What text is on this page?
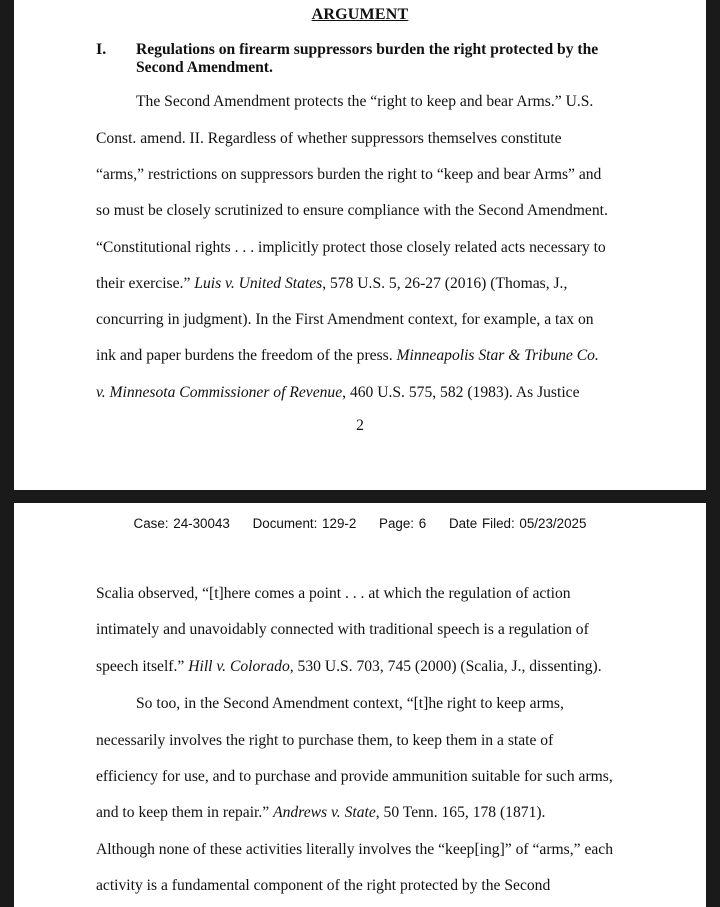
ARGUMENT
I. Regulations on firearm suppressors burden the right protected by the Second Amendment.
The Second Amendment protects the “right to keep and bear Arms.” U.S.
Const. amend. II. Regardless of whether suppressors themselves constitute
“arms,” restrictions on suppressors burden the right to “keep and bear Arms” and
so must be closely scrutinized to ensure compliance with the Second Amendment.
“Constitutional rights . . . implicitly protect those closely related acts necessary to
their exercise.” Luis v. United States, 578 U.S. 5, 26-27 (2016) (Thomas, J.,
concurring in judgment). In the First Amendment context, for example, a tax on
ink and paper burdens the freedom of the press. Minneapolis Star & Tribune Co.
v. Minnesota Commissioner of Revenue, 460 U.S. 575, 582 (1983). As Justice
2
Case: 24-30043 Document: 129-2 Page: 6 Date Filed: 05/23/2025
Scalia observed, “[t]here comes a point . . . at which the regulation of action
intimately and unavoidably connected with traditional speech is a regulation of
speech itself.” Hill v. Colorado, 530 U.S. 703, 745 (2000) (Scalia, J., dissenting).
So too, in the Second Amendment context, “[t]he right to keep arms,
necessarily involves the right to purchase them, to keep them in a state of
efficiency for use, and to purchase and provide ammunition suitable for such arms,
and to keep them in repair.” Andrews v. State, 50 Tenn. 165, 178 (1871).
Although none of these activities literally involves the “keep[ing]” of “arms,” each
activity is a fundamental component of the right protected by the Second
